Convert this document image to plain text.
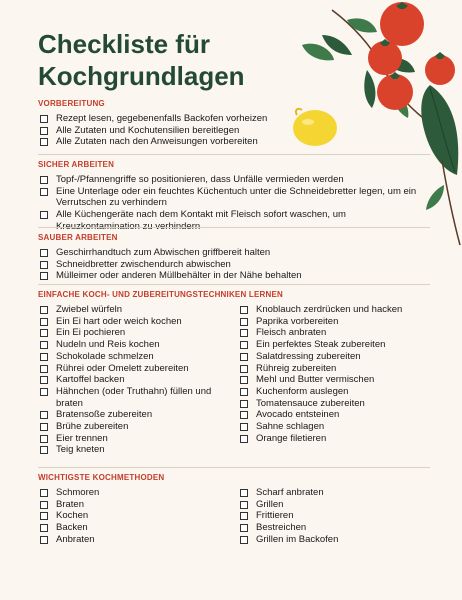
Checkliste für Kochgrundlagen
VORBEREITUNG
Rezept lesen, gegebenenfalls Backofen vorheizen
Alle Zutaten und Kochutensilien bereitlegen
Alle Zutaten nach den Anweisungen vorbereiten
SICHER ARBEITEN
Topf-/Pfannengriffe so positionieren, dass Unfälle vermieden werden
Eine Unterlage oder ein feuchtes Küchentuch unter die Schneidebretter legen, um ein Verrutschen zu verhindern
Alle Küchengeräte nach dem Kontakt mit Fleisch sofort waschen, um Kreuzkontamination zu verhindern
SAUBER ARBEITEN
Geschirrhandtuch zum Abwischen griffbereit halten
Schneidbretter zwischendurch abwischen
Mülleimer oder anderen Müllbehälter in der Nähe behalten
EINFACHE KOCH- UND ZUBEREITUNGSTECHNIKEN LERNEN
Zwiebel würfeln
Ein Ei hart oder weich kochen
Ein Ei pochieren
Nudeln und Reis kochen
Schokolade schmelzen
Rührei oder Omelett zubereiten
Kartoffel backen
Hähnchen (oder Truthahn) füllen und braten
Bratensoße zubereiten
Brühe zubereiten
Eier trennen
Teig kneten
Knoblauch zerdrücken und hacken
Paprika vorbereiten
Fleisch anbraten
Ein perfektes Steak zubereiten
Salatdressing zubereiten
Rühreig zubereiten
Mehl und Butter vermischen
Kuchenform auslegen
Tomatensauce zubereiten
Avocado entsteinen
Sahne schlagen
Orange filetieren
WICHTIGSTE KOCHMETHODEN
Schmoren
Braten
Kochen
Backen
Anbraten
Scharf anbraten
Grillen
Frittieren
Bestreichen
Grillen im Backofen
